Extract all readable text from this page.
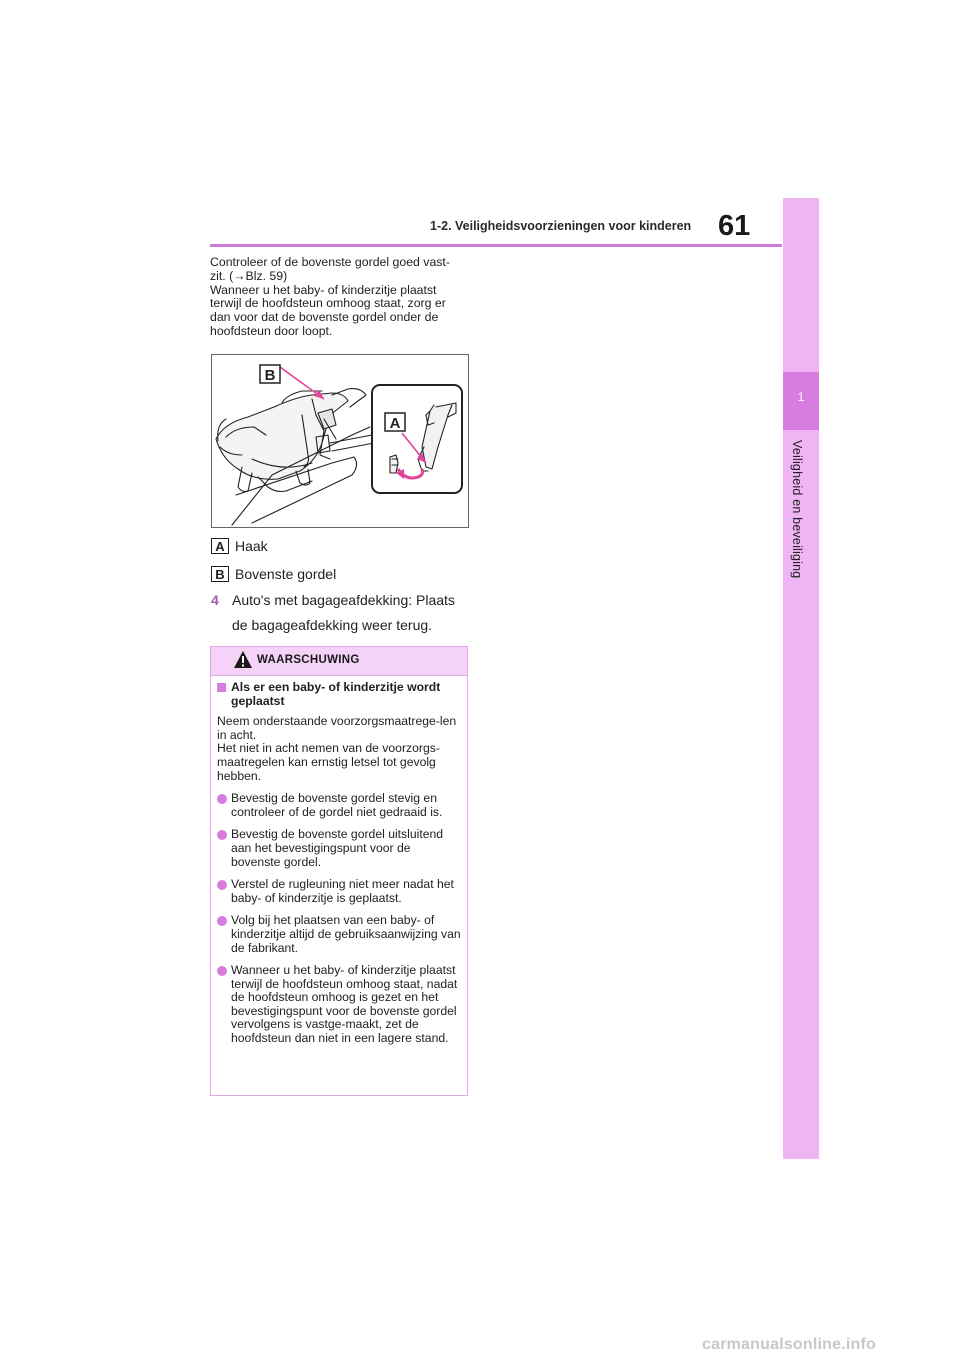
1-2. Veiligheidsvoorzieningen voor kinderen 61
1
Veiligheid en beveiliging

Controleer of de bovenste gordel goed vast-

zit. (→Blz. 59)

Wanneer u het baby- of kinderzitje plaatst

terwijl de hoofdsteun omhoog staat, zorg er

dan voor dat de bovenste gordel onder de

hoofdsteun door loopt.

B
A
A Haak
B Bovenste gordel
4 Auto's met bagageafdekking: Plaats
de bagageafdekking weer terug.
WAARSCHUWING
Als er een baby- of kinderzitje wordt geplaatst

Neem onderstaande voorzorgsmaatrege-len in acht.

Het niet in acht nemen van de voorzorgs-maatregelen kan ernstig letsel tot gevolg hebben.

Bevestig de bovenste gordel stevig en controleer of de gordel niet gedraaid is.
Bevestig de bovenste gordel uitsluitend aan het bevestigingspunt voor de bovenste gordel.
Verstel de rugleuning niet meer nadat het baby- of kinderzitje is geplaatst.
Volg bij het plaatsen van een baby- of kinderzitje altijd de gebruiksaanwijzing van de fabrikant.
Wanneer u het baby- of kinderzitje plaatst terwijl de hoofdsteun omhoog staat, nadat de hoofdsteun omhoog is gezet en het bevestigingspunt voor de bovenste gordel vervolgens is vastge-maakt, zet de hoofdsteun dan niet in een lagere stand.
carmanualsonline.info
